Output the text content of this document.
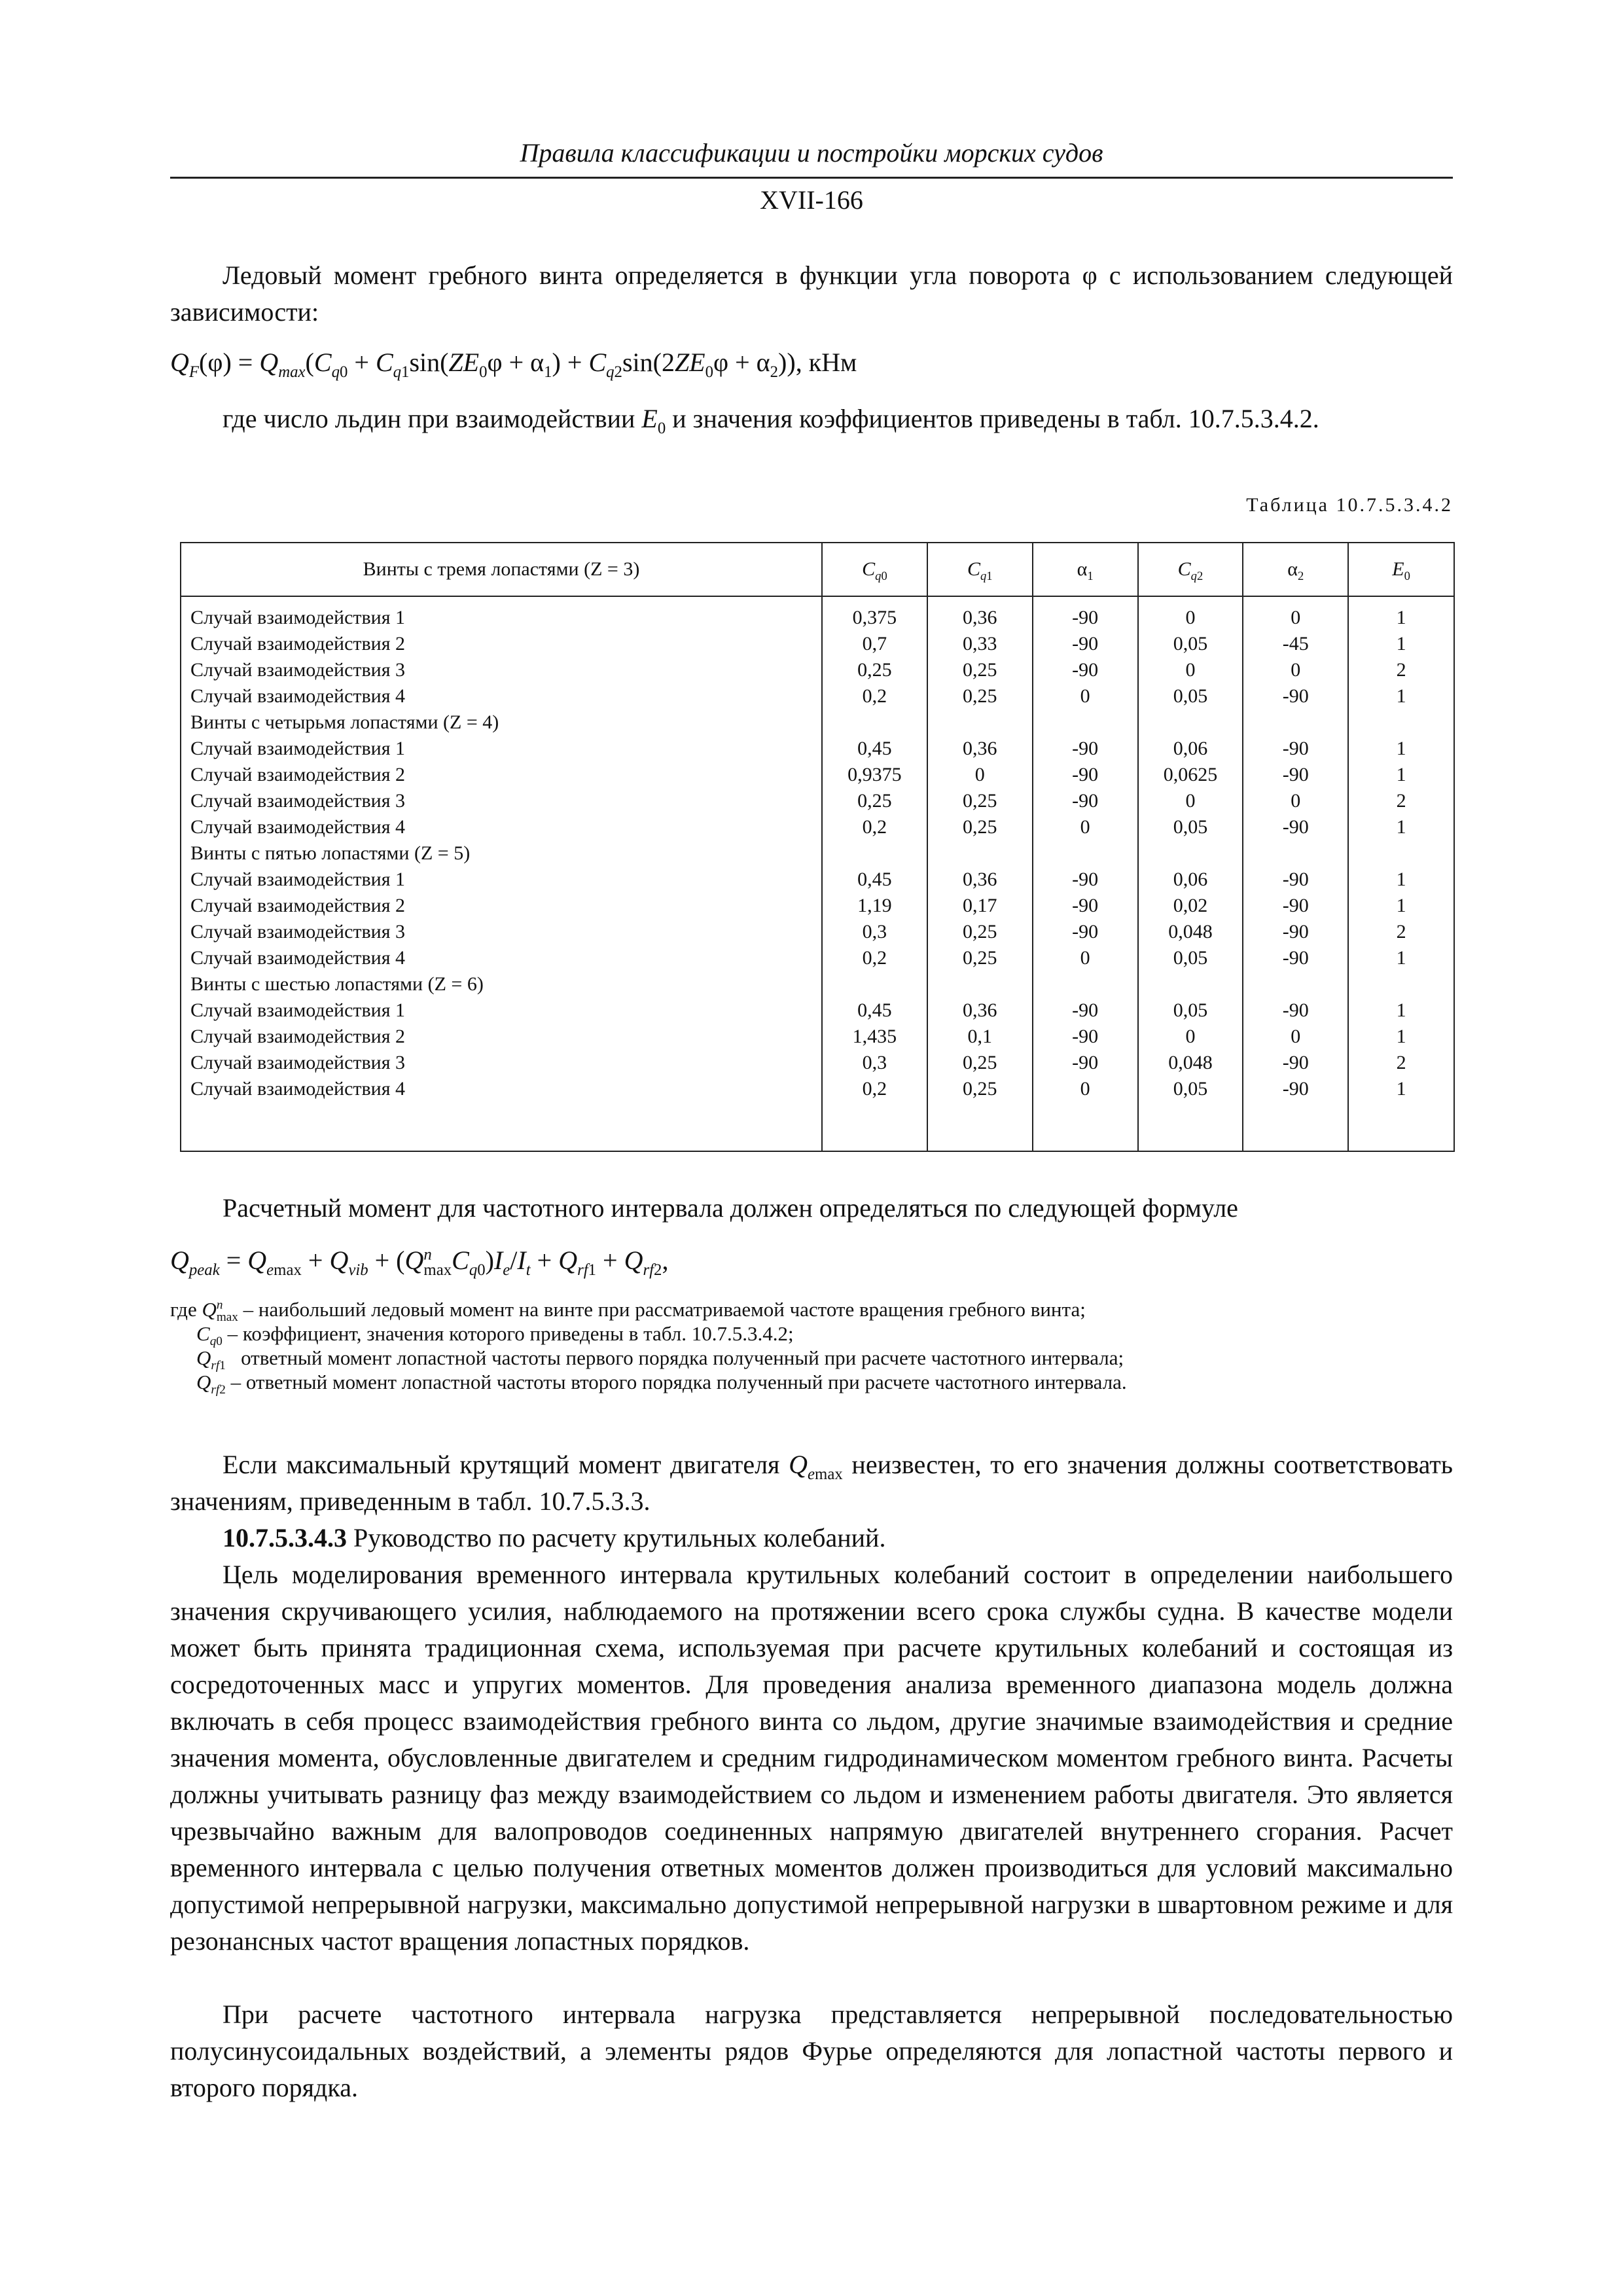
Правила классификации и постройки морских судов
XVII-166
Ледовый момент гребного винта определяется в функции угла поворота φ с использованием следующей зависимости:
$Q_F(\varphi) = Q_{max}(C_{q0} + C_{q1}\sin(ZE_0\varphi + \alpha_1) + C_{q2}\sin(2ZE_0\varphi + \alpha_2))$, кНм
где число льдин при взаимодействии $E_0$ и значения коэффициентов приведены в табл. 10.7.5.3.4.2.
Таблица 10.7.5.3.4.2
Винты с тремя лопастями (Z = 3)	$C_{q0}$	$C_{q1}$	$\alpha_1$	$C_{q2}$	$\alpha_2$	$E_0$
Случай взаимодействия 1	0,375	0,36	-90	0	0	1
Случай взаимодействия 2	0,7	0,33	-90	0,05	-45	1
Случай взаимодействия 3	0,25	0,25	-90	0	0	2
Случай взаимодействия 4	0,2	0,25	0	0,05	-90	1
Винты с четырьмя лопастями (Z = 4)						
Случай взаимодействия 1	0,45	0,36	-90	0,06	-90	1
Случай взаимодействия 2	0,9375	0	-90	0,0625	-90	1
Случай взаимодействия 3	0,25	0,25	-90	0	0	2
Случай взаимодействия 4	0,2	0,25	0	0,05	-90	1
Винты с пятью лопастями (Z = 5)						
Случай взаимодействия 1	0,45	0,36	-90	0,06	-90	1
Случай взаимодействия 2	1,19	0,17	-90	0,02	-90	1
Случай взаимодействия 3	0,3	0,25	-90	0,048	-90	2
Случай взаимодействия 4	0,2	0,25	0	0,05	-90	1
Винты с шестью лопастями (Z = 6)						
Случай взаимодействия 1	0,45	0,36	-90	0,05	-90	1
Случай взаимодействия 2	1,435	0,1	-90	0	0	1
Случай взаимодействия 3	0,3	0,25	-90	0,048	-90	2
Случай взаимодействия 4	0,2	0,25	0	0,05	-90	1

Расчетный момент для частотного интервала должен определяться по следующей формуле
$Q_{peak} = Q_{emax} + Q_{vib} + (Q^n_{max}C_{q0})I_e/I_t + Q_{rf1} + Q_{rf2}$,
где $Q^n_{max}$ – наибольший ледовый момент на винте при рассматриваемой частоте вращения гребного винта;
$C_{q0}$ – коэффициент, значения которого приведены в табл. 10.7.5.3.4.2;
$Q_{rf1}$   ответный момент лопастной частоты первого порядка полученный при расчете частотного интервала;
$Q_{rf2}$ – ответный момент лопастной частоты второго порядка полученный при расчете частотного интервала.
Если максимальный крутящий момент двигателя $Q_{emax}$ неизвестен, то его значения должны соответствовать значениям, приведенным в табл. 10.7.5.3.3.
10.7.5.3.4.3 Руководство по расчету крутильных колебаний.
Цель моделирования временного интервала крутильных колебаний состоит в определении наибольшего значения скручивающего усилия, наблюдаемого на протяжении всего срока службы судна. В качестве модели может быть принята традиционная схема, используемая при расчете крутильных колебаний и состоящая из сосредоточенных масс и упругих моментов. Для проведения анализа временного диапазона модель должна включать в себя процесс взаимодействия гребного винта со льдом, другие значимые взаимодействия и средние значения момента, обусловленные двигателем и средним гидродинамическом моментом гребного винта. Расчеты должны учитывать разницу фаз между взаимодействием со льдом и изменением работы двигателя. Это является чрезвычайно важным для валопроводов соединенных напрямую двигателей внутреннего сгорания. Расчет временного интервала с целью получения ответных моментов должен производиться для условий максимально допустимой непрерывной нагрузки, максимально допустимой непрерывной нагрузки в швартовном режиме и для резонансных частот вращения лопастных порядков.
При расчете частотного интервала нагрузка представляется непрерывной последовательностью полусинусоидальных воздействий, а элементы рядов Фурье определяются для лопастной частоты первого и второго порядка.
